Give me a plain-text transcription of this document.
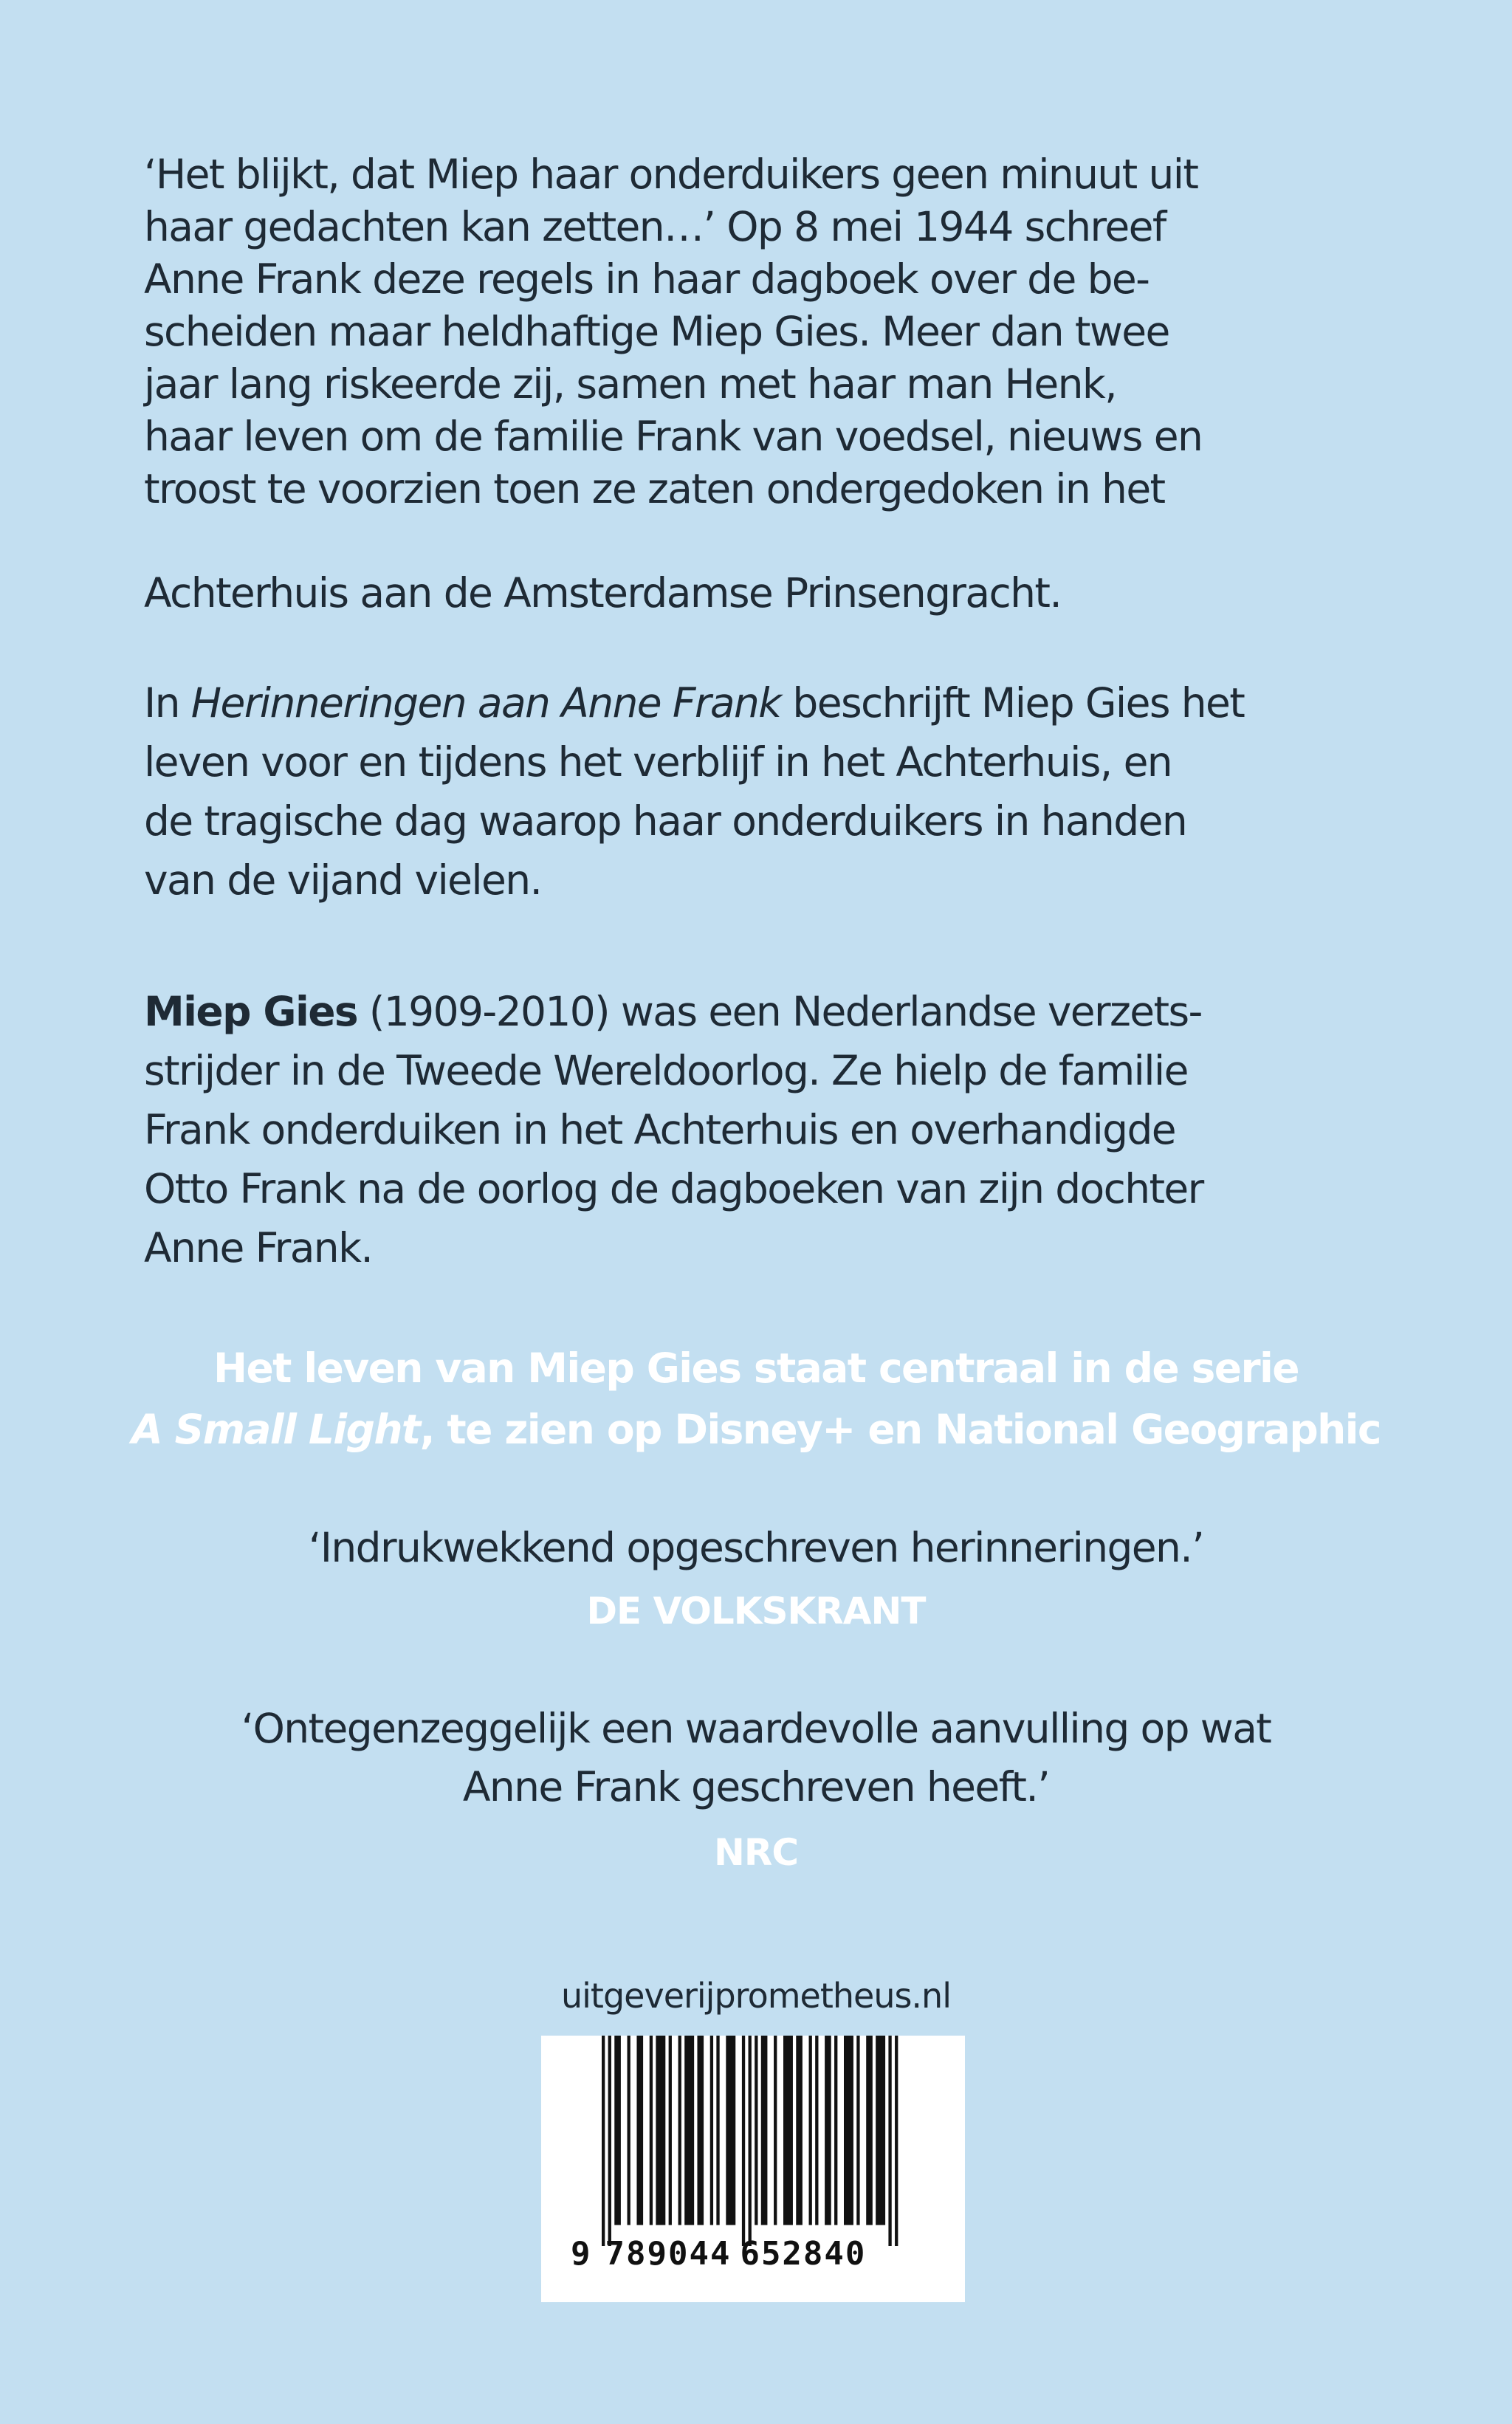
‘Het blijkt, dat Miep haar onderduikers geen minuut uit
haar gedachten kan zetten…’ Op 8 mei 1944 schreef
Anne Frank deze regels in haar dagboek over de be-
scheiden maar heldhaftige Miep Gies. Meer dan twee
jaar lang riskeerde zij, samen met haar man Henk,
haar leven om de familie Frank van voedsel, nieuws en
troost te voorzien toen ze zaten ondergedoken in het
Achterhuis aan de Amsterdamse Prinsengracht.
In Herinneringen aan Anne Frank beschrijft Miep Gies het
leven voor en tijdens het verblijf in het Achterhuis, en
de tragische dag waarop haar onderduikers in handen
van de vijand vielen.
Miep Gies (1909-2010) was een Nederlandse verzets-
strijder in de Tweede Wereldoorlog. Ze hielp de familie
Frank onderduiken in het Achterhuis en overhandigde
Otto Frank na de oorlog de dagboeken van zijn dochter
Anne Frank.
Het leven van Miep Gies staat centraal in de serie
A Small Light, te zien op Disney+ en National Geographic
‘Indrukwekkend opgeschreven herinneringen.’
DE VOLKSKRANT
‘Ontegenzeggelijk een waardevolle aanvulling op wat
Anne Frank geschreven heeft.’
NRC
uitgeverijprometheus.nl
9 789044 652840
